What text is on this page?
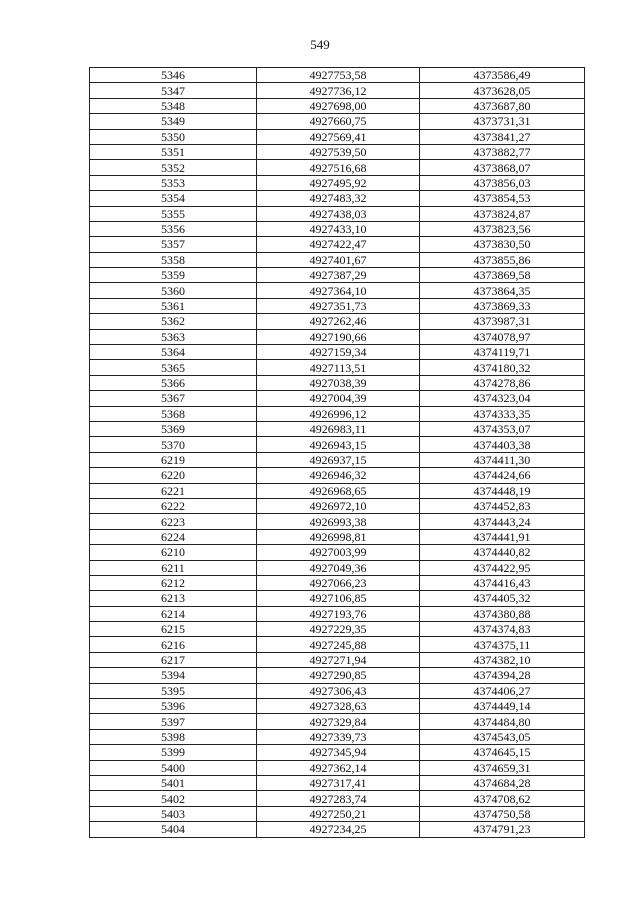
549
5346	4927753,58	4373586,49
5347	4927736,12	4373628,05
5348	4927698,00	4373687,80
5349	4927660,75	4373731,31
5350	4927569,41	4373841,27
5351	4927539,50	4373882,77
5352	4927516,68	4373868,07
5353	4927495,92	4373856,03
5354	4927483,32	4373854,53
5355	4927438,03	4373824,87
5356	4927433,10	4373823,56
5357	4927422,47	4373830,50
5358	4927401,67	4373855,86
5359	4927387,29	4373869,58
5360	4927364,10	4373864,35
5361	4927351,73	4373869,33
5362	4927262,46	4373987,31
5363	4927190,66	4374078,97
5364	4927159,34	4374119,71
5365	4927113,51	4374180,32
5366	4927038,39	4374278,86
5367	4927004,39	4374323,04
5368	4926996,12	4374333,35
5369	4926983,11	4374353,07
5370	4926943,15	4374403,38
6219	4926937,15	4374411,30
6220	4926946,32	4374424,66
6221	4926968,65	4374448,19
6222	4926972,10	4374452,83
6223	4926993,38	4374443,24
6224	4926998,81	4374441,91
6210	4927003,99	4374440,82
6211	4927049,36	4374422,95
6212	4927066,23	4374416,43
6213	4927106,85	4374405,32
6214	4927193,76	4374380,88
6215	4927229,35	4374374,83
6216	4927245,88	4374375,11
6217	4927271,94	4374382,10
5394	4927290,85	4374394,28
5395	4927306,43	4374406,27
5396	4927328,63	4374449,14
5397	4927329,84	4374484,80
5398	4927339,73	4374543,05
5399	4927345,94	4374645,15
5400	4927362,14	4374659,31
5401	4927317,41	4374684,28
5402	4927283,74	4374708,62
5403	4927250,21	4374750,58
5404	4927234,25	4374791,23
